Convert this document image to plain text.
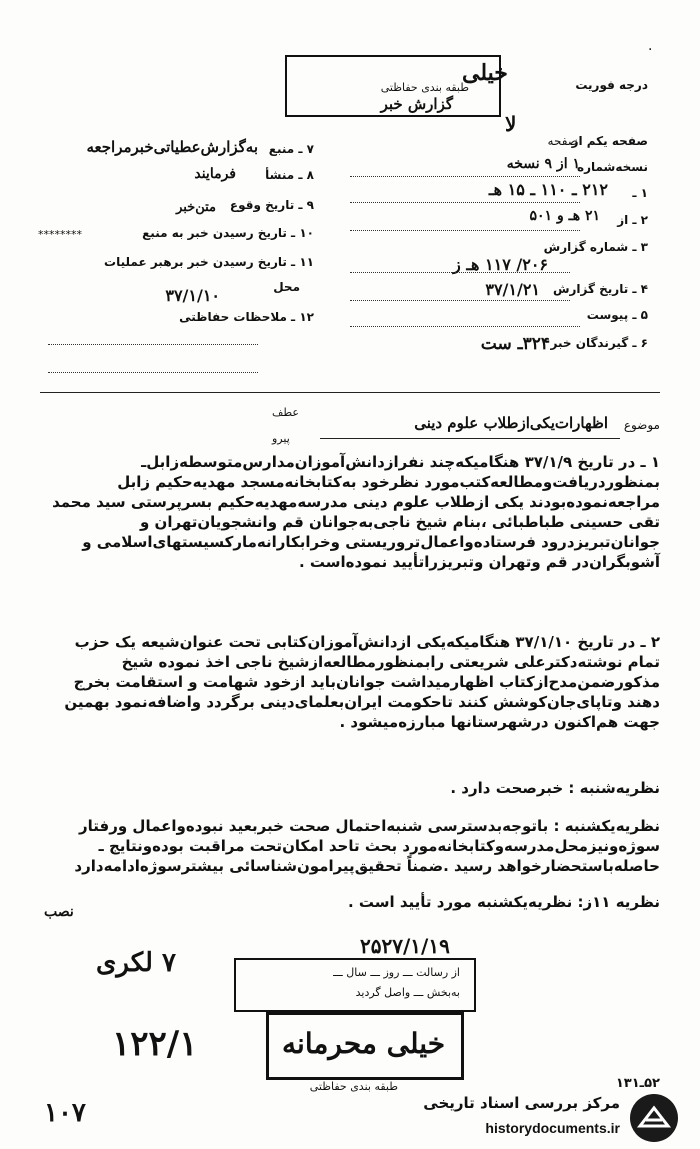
·
طبقه بندی حفاظتی
گزارش خبر
خیلی	درجه فوریت
لا
صفحه یکم از
صفحه
نسخه‌شماره
۱ از ۹ نسخه
۱ ـ
۲۱۲ ـ ۱۱۰ ـ ۱۵ هـ
۲ ـ از
۲۱ هـ و ۵۰۱
۳ ـ شماره گزارش
۲۰۶/ ۱۱۷ هـ ز
۴ ـ تاریخ گزارش
۳۷/۱/۲۱
۵ ـ پیوست
۶ ـ گیرندگان خبر
۳۲۴ـ ست
۷ ـ منبع
به‌گزارش‌عطیاتی‌خبرمراجعه
۸ ـ منشأ
فرمایند
۹ ـ تاریخ وقوع
متن‌خبر
۱۰ ـ تاریخ رسیدن خبر به منبع
********
۱۱ ـ تاریخ رسیدن خبر برهبر عملیات
محل
۳۷/۱/۱۰
۱۲ ـ ملاحظات حفاظتی
عطف
پیرو
موضوع
اظهارات‌یکی‌ازطلاب علوم دینی
۱ ـ در تاریخ ۳۷/۱/۹ هنگامیکه‌چند نفرازدانش‌آموزان‌مدارس‌متوسطه‌زابل‌ـ بمنظوردریافت‌ومطالعه‌کتب‌مورد نظرخود به‌کتابخانه‌مسجد مهدیه‌حکیم زابل مراجعه‌نموده‌بودند یکی ازطلاب علوم دینی مدرسه‌مهدیه‌حکیم بسرپرستی سید محمد تقی حسینی طباطبائی ،بنام شیخ ناجی‌به‌جوانان قم وانشجویان‌تهران و جوانان‌تبریزدرود فرستاده‌واعمال‌تروریستی وخرابکارانه‌مارکسیستهای‌اسلامی و آشوبگران‌در قم وتهران وتبریزراتأیید نموده‌است .
۲ ـ در تاریخ ۳۷/۱/۱۰ هنگامیکه‌یکی ازدانش‌آموزان‌کتابی تحت عنوان‌شیعه یک حزب تمام نوشته‌دکترعلی شریعتی رابمنظورمطالعه‌ازشیخ ناجی اخذ نموده شیخ مذکورضمن‌مدح‌ازکتاب اظهارمیداشت جوانان‌باید ازخود شهامت و استقامت بخرج دهند وتاپای‌جان‌کوشش کنند تاحکومت ایران‌بعلمای‌دینی برگردد واضافه‌نمود بهمین جهت هم‌اکنون درشهرستانها مبارزه‌میشود .
نظریه‌شنبه : خبرصحت دارد .
نظریه‌یکشنبه : باتوجه‌بدسترسی شنبه‌احتمال صحت خبربعید نبوده‌واعمال ورفتار سوژه‌ونیزمحل‌مدرسه‌وکتابخانه‌مورد بحث تاحد امکان‌تحت مراقبت بوده‌ونتایج ـ حاصله‌باستحضارخواهد رسید .ضمناً تحقیق‌پیرامون‌شناسائی بیشترسوژه‌ادامه‌دارد
نظریه ۱۱ز: نظریه‌یکشنبه مورد تأیید است .
نصب
۲۵۲۷/۱/۱۹
از رسالت ـــ روز ـــ سال ـــ
به‌بخش ـــ واصل گردید
۷ لکری
۱۲۲/۱
۱۰۷
خیلی محرمانه
طبقه بندی حفاظتی	۵۲ـ۱۳۱
مرکز بررسی اسناد تاریخی
historydocuments.ir
